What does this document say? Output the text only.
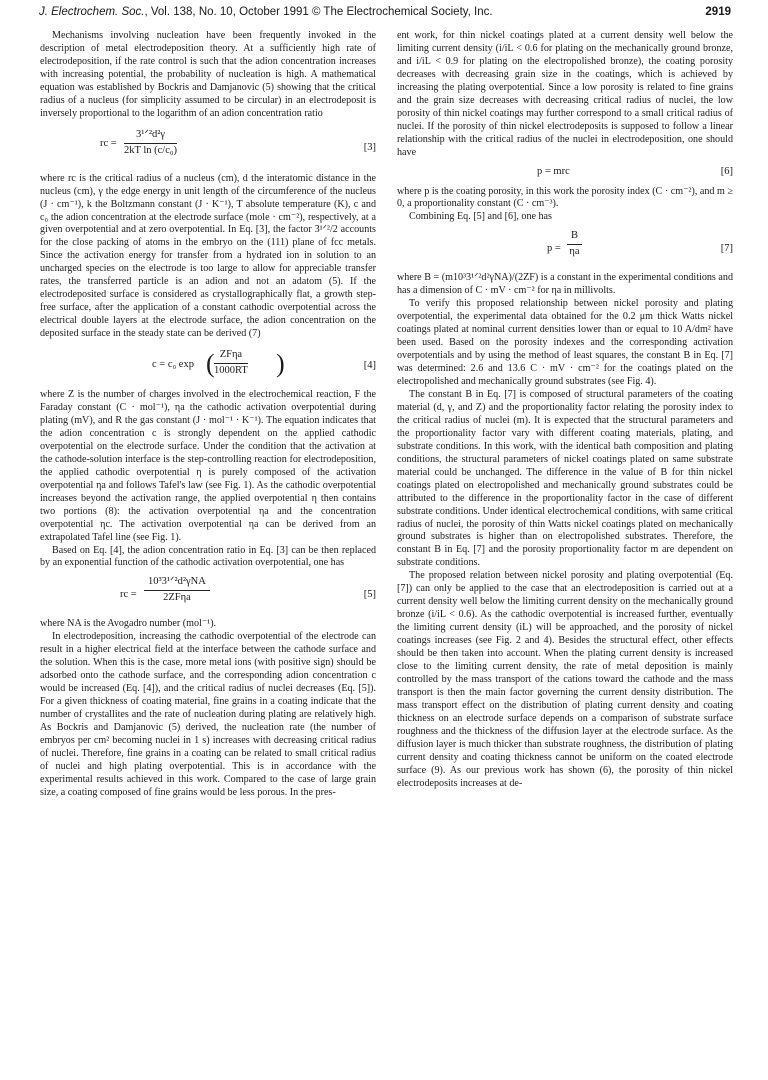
J. Electrochem. Soc., Vol. 138, No. 10, October 1991 © The Electrochemical Society, Inc.	2919

Mechanisms involving nucleation have been frequently invoked in the description of metal electrodeposition theory. At a sufficiently high rate of electrodeposition, if the rate control is such that the adion concentration increases with increasing potential, the probability of nucleation is high. A mathematical equation was established by Bockris and Damjanovic (5) showing that the critical radius of a nucleus (for simplicity assumed to be circular) in an electrodeposit is inversely proportional to the logarithm of an adion concentration ratio

rc =
3¹ᐟ²d²γ
2kT ln (c/c₀)	[3]

where rc is the critical radius of a nucleus (cm), d the interatomic distance in the nucleus (cm), γ the edge energy in unit length of the circumference of the nucleus (J · cm⁻¹), k the Boltzmann constant (J · K⁻¹), T absolute temperature (K), c and c₀ the adion concentration at the electrode surface (mole · cm⁻²), respectively, at a given overpotential and at zero overpotential. In Eq. [3], the factor 3¹ᐟ²/2 accounts for the close packing of atoms in the embryo on the (111) plane of fcc metals. Since the activation energy for transfer from a hydrated ion in solution to an uncharged species on the electrode is too large to allow for appreciable transfer rates, the transferred particle is an adion and not an adatom (5). If the electrodeposited surface is considered as crystallographically flat, a growth step-free surface, after the application of a constant cathodic overpotential across the electrical double layers at the electrode surface, the adion concentration on the deposited surface in the steady state can be derived (7)

c = c₀ exp ( ZFηa
1000RT )	[4]

where Z is the number of charges involved in the electrochemical reaction, F the Faraday constant (C · mol⁻¹), ηa the cathodic activation overpotential during plating (mV), and R the gas constant (J · mol⁻¹ · K⁻¹). The equation indicates that the adion concentration c is strongly dependent on the applied cathodic overpotential on the electrode surface. Under the condition that the activation at the cathode-solution interface is the step-controlling reaction for electrodeposition, the applied cathodic overpotential η is purely composed of the activation overpotential ηa and follows Tafel's law (see Fig. 1). As the cathodic overpotential increases beyond the activation range, the applied overpotential η then contains two portions (8): the activation overpotential ηa and the concentration overpotential ηc. The activation overpotential ηa can be derived from an extrapolated Tafel line (see Fig. 1).

Based on Eq. [4], the adion concentration ratio in Eq. [3] can be then replaced by an exponential function of the cathodic activation overpotential, one has

rc =
10³3¹ᐟ²d²γNA
2ZFηa	[5]

where NA is the Avogadro number (mol⁻¹).

In electrodeposition, increasing the cathodic overpotential of the electrode can result in a higher electrical field at the interface between the cathode surface and the solution. When this is the case, more metal ions (with positive sign) should be adsorbed onto the cathode surface, and the corresponding adion concentration c would be increased (Eq. [4]), and the critical radius of nuclei decreases (Eq. [5]). For a given thickness of coating material, fine grains in a coating indicate that the number of crystallites and the rate of nucleation during plating are relatively high. As Bockris and Damjanovic (5) derived, the nucleation rate (the number of embryos per cm² becoming nuclei in 1 s) increases with decreasing critical radius of nuclei. Therefore, fine grains in a coating can be related to small critical radius of nuclei and high plating overpotential. This is in accordance with the experimental results achieved in this work. Compared to the case of large grain size, a coating composed of fine grains would be less porous. In the pres-

ent work, for thin nickel coatings plated at a current density well below the limiting current density (i/iL < 0.6 for plating on the mechanically ground bronze, and i/iL < 0.9 for plating on the electropolished bronze), the coating porosity decreases with decreasing grain size in the coatings, which is achieved by increasing the plating overpotential. Since a low porosity is related to fine grains and the grain size decreases with decreasing critical radius of nuclei, the low porosity of thin nickel coatings may further correspond to a small critical radius of nuclei. If the porosity of thin nickel electrodeposits is supposed to follow a linear relationship with the critical radius of the nuclei in electrodeposition, one should have

p = mrc	[6]

where p is the coating porosity, in this work the porosity index (C · cm⁻²), and m ≥ 0, a proportionality constant (C · cm⁻³).

Combining Eq. [5] and [6], one has

$p = \frac{B}{\eta a}$	[7]

where B = (m10³3¹ᐟ²d²γNA)/(2ZF) is a constant in the experimental conditions and has a dimension of C · mV · cm⁻² for ηa in millivolts.

To verify this proposed relationship between nickel porosity and plating overpotential, the experimental data obtained for the 0.2 μm thick Watts nickel coatings plated at nominal current densities lower than or equal to 10 A/dm² have been used. Based on the porosity indexes and the corresponding activation overpotentials and by using the method of least squares, the constant B in Eq. [7] was determined: 2.6 and 13.6 C · mV · cm⁻² for the coatings plated on the electropolished and mechanically ground substrates (see Fig. 4).

The constant B in Eq. [7] is composed of structural parameters of the coating material (d, γ, and Z) and the proportionality factor relating the porosity index to the critical radius of nuclei (m). It is expected that the structural parameters and the proportionality factor vary with different coating materials, plating, and substrate conditions. In this work, with the identical bath composition and plating conditions, the structural parameters of nickel coatings plated on same substrate material could be unchanged. The difference in the value of B for thin nickel coatings plated on electropolished and mechanically ground substrates could be attributed to the difference in the proportionality factor in the case of different substrate conditions. Under identical electrochemical conditions, with same critical radius of nuclei, the porosity of thin Watts nickel coatings plated on mechanically ground substrates is higher than on electropolished substrates. Therefore, the constant B in Eq. [7] and the porosity proportionality factor m are dependent on substrate conditions.

The proposed relation between nickel porosity and plating overpotential (Eq. [7]) can only be applied to the case that an electrodeposition is carried out at a current density well below the limiting current density on the mechanically ground bronze (i/iL < 0.6). As the cathodic overpotential is increased further, eventually the limiting current density (iL) will be approached, and the porosity of nickel coatings increases (see Fig. 2 and 4). Besides the structural effect, other effects should be then taken into account. When the plating current density is increased close to the limiting current density, the rate of metal deposition is mainly controlled by the mass transport of the cations toward the cathode and the mass transport is then the main factor governing the current density distribution. The mass transport effect on the distribution of plating current density and coating thickness on an electrode surface depends on a comparison of substrate surface roughness and the thickness of the diffusion layer at the electrode surface. As the diffusion layer is much thicker than substrate roughness, the distribution of plating current density and coating thickness cannot be uniform on the coated electrode surface (9). As our previous work has shown (6), the porosity of thin nickel electrodeposits increases at de-
